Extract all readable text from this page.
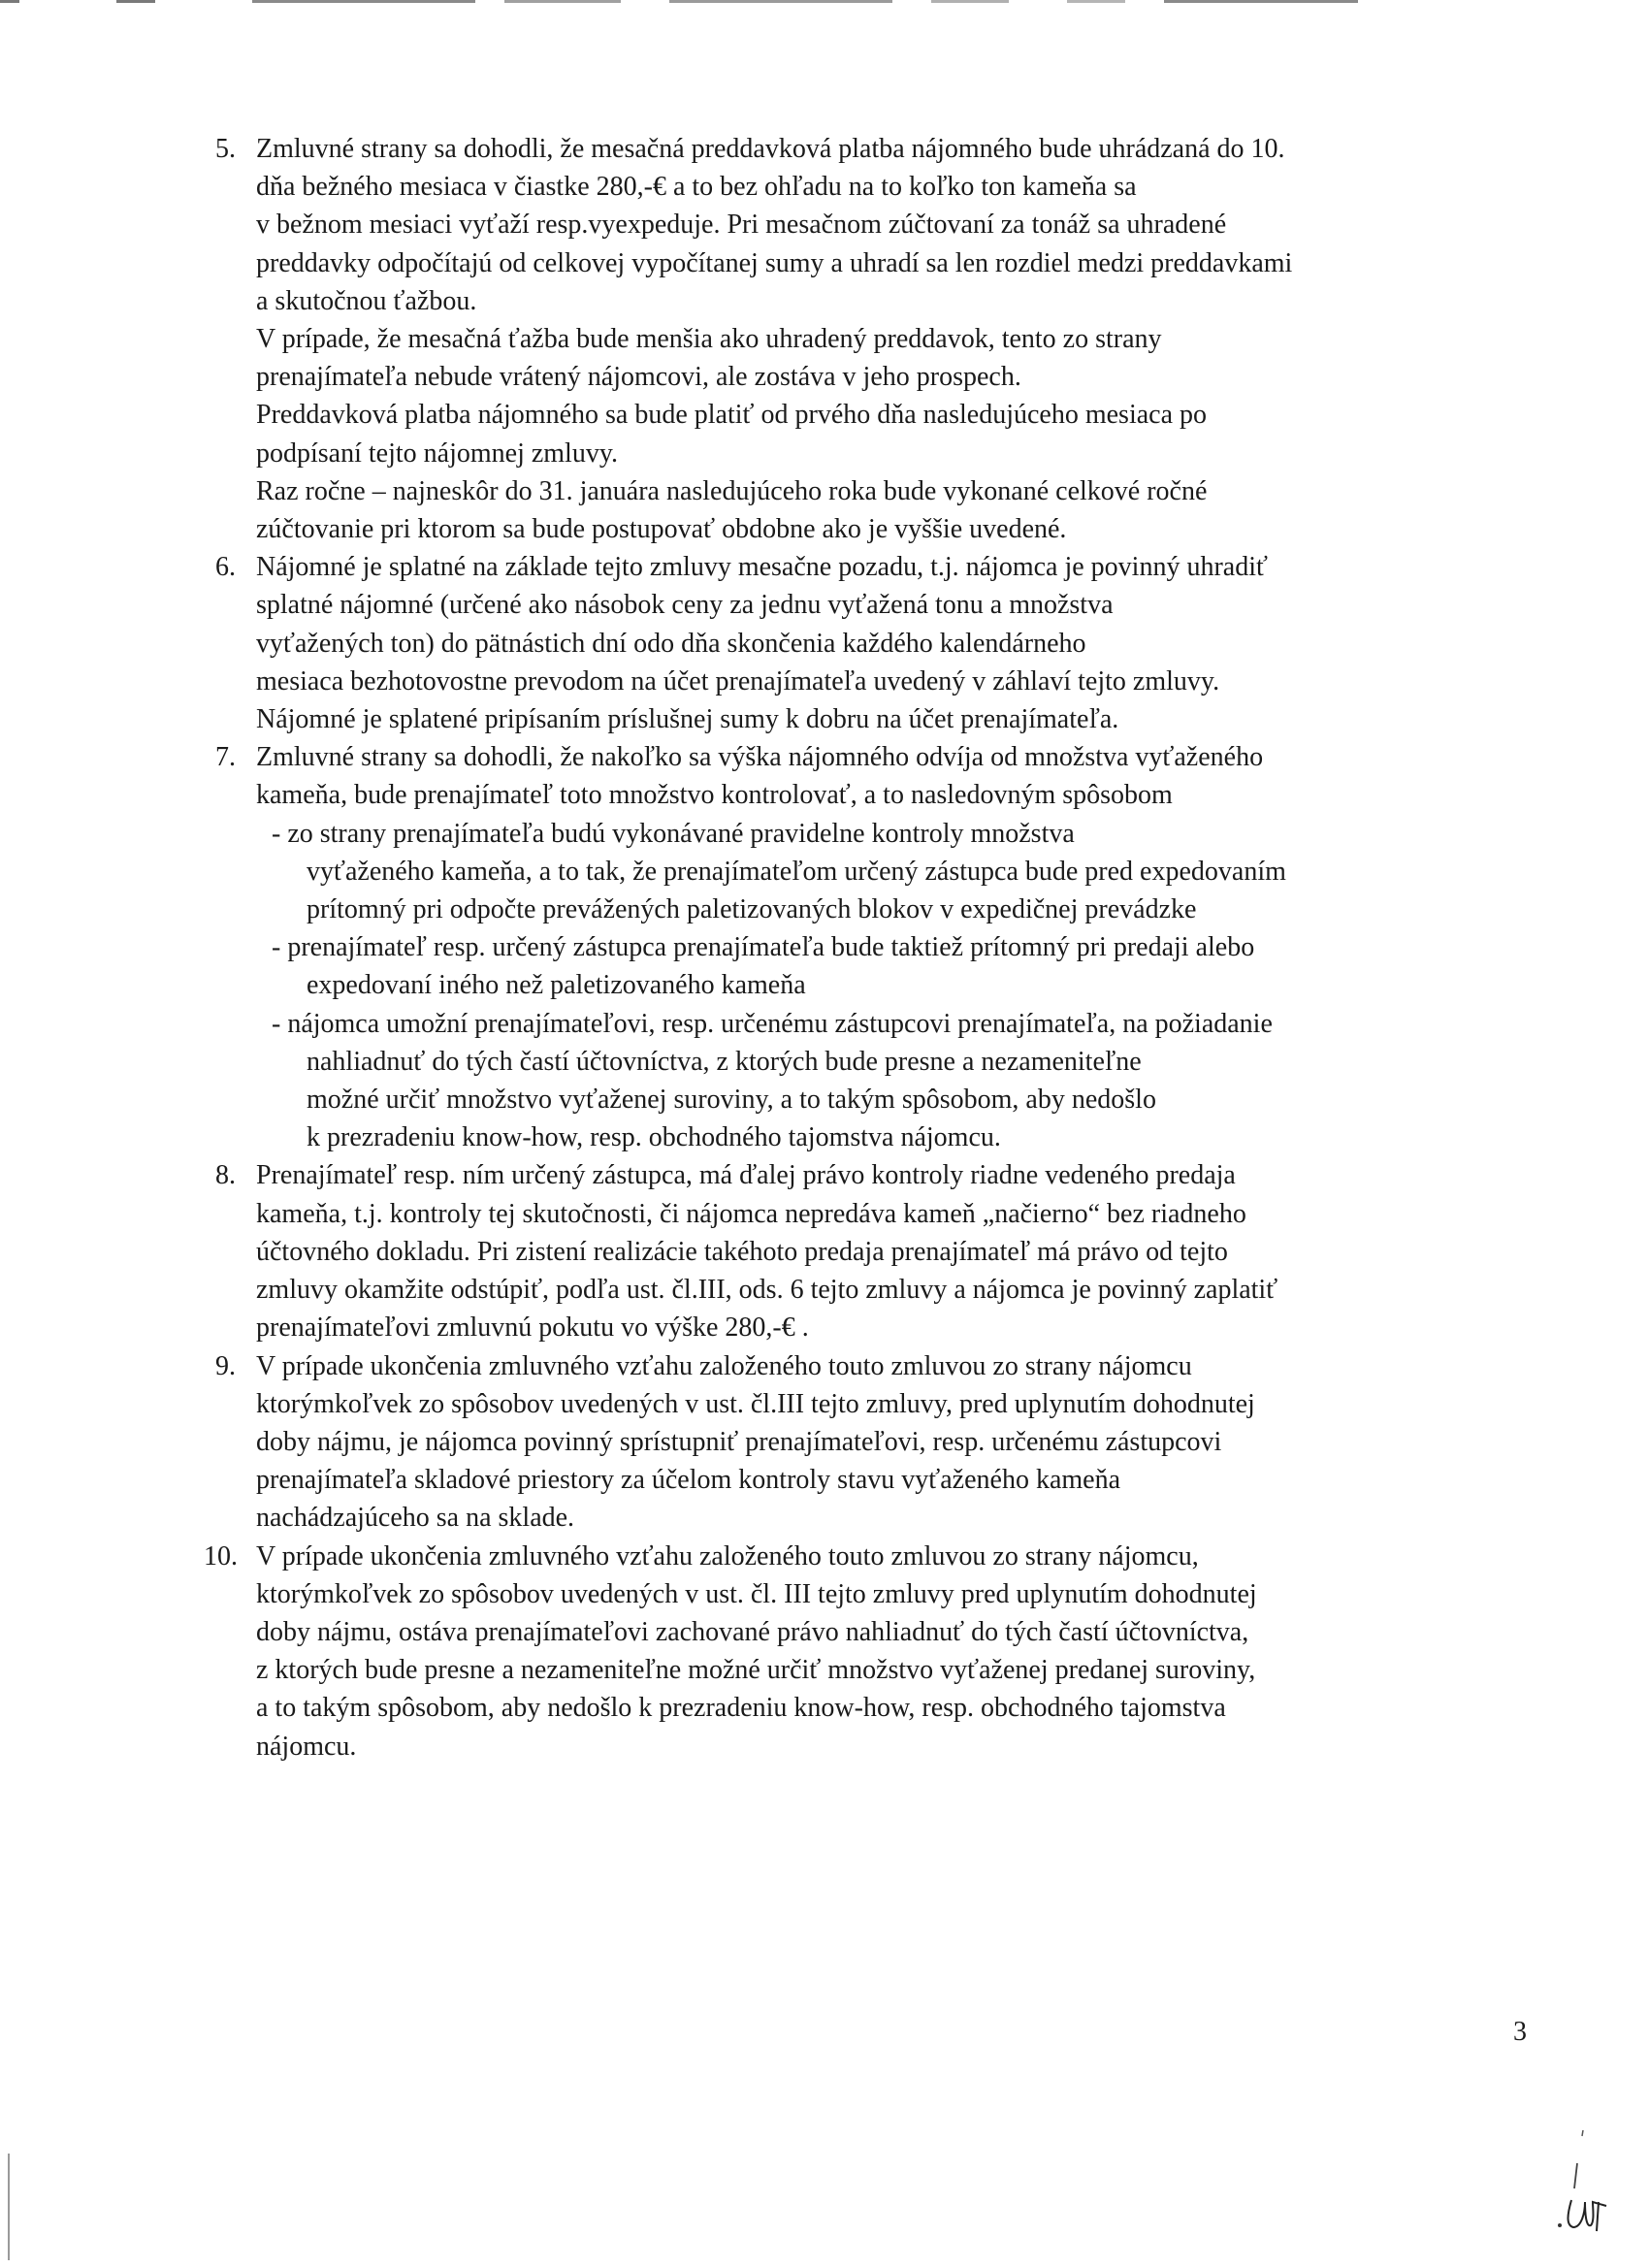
5. Zmluvné strany sa dohodli, že mesačná preddavková platba nájomného bude uhrádzaná do 10.
dňa bežného mesiaca v čiastke 280,-€ a to bez ohľadu na to koľko ton kameňa sa
v bežnom mesiaci vyťaží resp.vyexpeduje. Pri mesačnom zúčtovaní za tonáž sa uhradené
preddavky odpočítajú od celkovej vypočítanej sumy a uhradí sa len rozdiel medzi preddavkami
a skutočnou ťažbou.
V prípade, že mesačná ťažba bude menšia ako uhradený preddavok, tento zo strany
prenajímateľa nebude vrátený nájomcovi, ale zostáva v jeho prospech.
Preddavková platba nájomného sa bude platiť od prvého dňa nasledujúceho mesiaca po
podpísaní tejto nájomnej zmluvy.
Raz ročne – najneskôr do 31. januára nasledujúceho roka bude vykonané celkové ročné
zúčtovanie pri ktorom sa bude postupovať obdobne ako je vyššie uvedené.
6. Nájomné je splatné na základe tejto zmluvy mesačne pozadu, t.j. nájomca je povinný uhradiť
splatné nájomné (určené ako násobok ceny za jednu vyťažená tonu a množstva
vyťažených ton) do pätnástich dní odo dňa skončenia každého kalendárneho
mesiaca bezhotovostne prevodom na účet prenajímateľa uvedený v záhlaví tejto zmluvy.
Nájomné je splatené pripísaním príslušnej sumy k dobru na účet prenajímateľa.
7. Zmluvné strany sa dohodli, že nakoľko sa výška nájomného odvíja od množstva vyťaženého
kameňa, bude prenajímateľ toto množstvo kontrolovať, a to nasledovným spôsobom
- zo strany prenajímateľa budú vykonávané pravidelne kontroly množstva
vyťaženého kameňa, a to tak, že prenajímateľom určený zástupca bude pred expedovaním
prítomný pri odpočte prevážených paletizovaných blokov v expedičnej prevádzke
- prenajímateľ resp. určený zástupca prenajímateľa bude taktiež prítomný pri predaji alebo
expedovaní iného než paletizovaného kameňa
- nájomca umožní prenajímateľovi, resp. určenému zástupcovi prenajímateľa, na požiadanie
nahliadnuť do tých častí účtovníctva, z ktorých bude presne a nezameniteľne
možné určiť množstvo vyťaženej suroviny, a to takým spôsobom, aby nedošlo
k prezradeniu know-how, resp. obchodného tajomstva nájomcu.
8. Prenajímateľ resp. ním určený zástupca, má ďalej právo kontroly riadne vedeného predaja
kameňa, t.j. kontroly tej skutočnosti, či nájomca nepredáva kameň „načierno“ bez riadneho
účtovného dokladu. Pri zistení realizácie takéhoto predaja prenajímateľ má právo od tejto
zmluvy okamžite odstúpiť, podľa ust. čl.III, ods. 6 tejto zmluvy a nájomca je povinný zaplatiť
prenajímateľovi zmluvnú pokutu vo výške 280,-€ .
9. V prípade ukončenia zmluvného vzťahu založeného touto zmluvou zo strany nájomcu
ktorýmkoľvek zo spôsobov uvedených v ust. čl.III tejto zmluvy, pred uplynutím dohodnutej
doby nájmu, je nájomca povinný sprístupniť prenajímateľovi, resp. určenému zástupcovi
prenajímateľa skladové priestory za účelom kontroly stavu vyťaženého kameňa
nachádzajúceho sa na sklade.
10. V prípade ukončenia zmluvného vzťahu založeného touto zmluvou zo strany nájomcu,
ktorýmkoľvek zo spôsobov uvedených v ust. čl. III tejto zmluvy pred uplynutím dohodnutej
doby nájmu, ostáva prenajímateľovi zachované právo nahliadnuť do tých častí účtovníctva,
z ktorých bude presne a nezameniteľne možné určiť množstvo vyťaženej predanej suroviny,
a to takým spôsobom, aby nedošlo k prezradeniu know-how, resp. obchodného tajomstva
nájomcu.
3
